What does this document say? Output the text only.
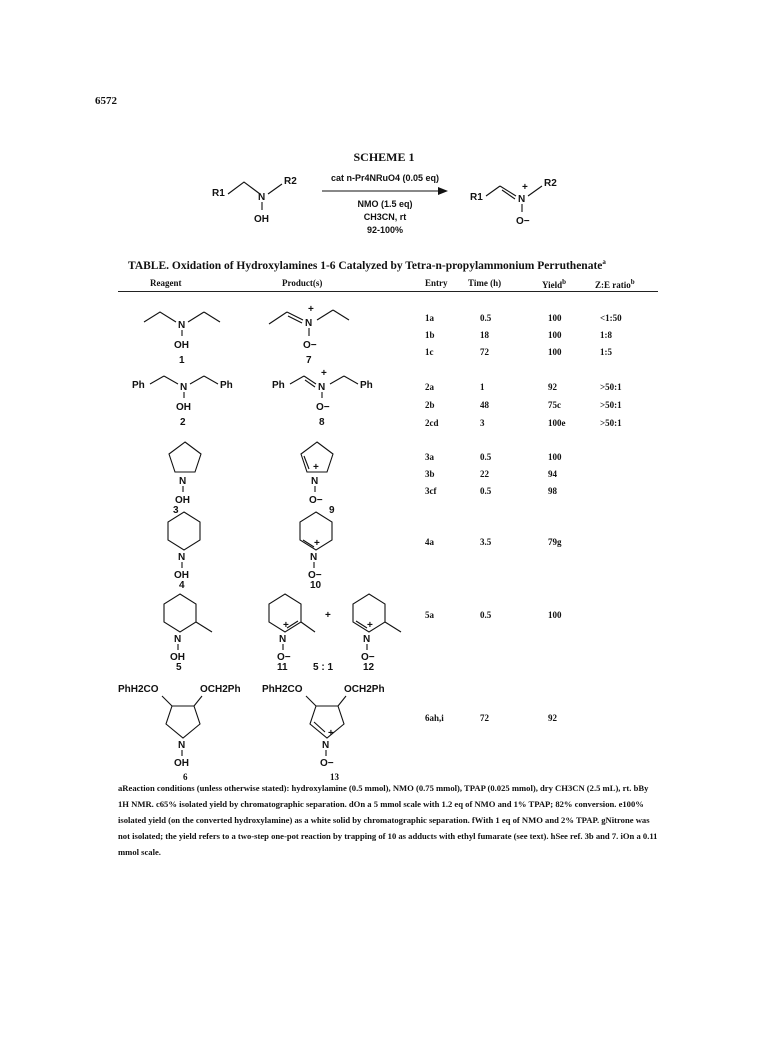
6572
SCHEME 1
R1	N
R2
OH
cat n-Pr4NRuO4 (0.05 eq)
NMO (1.5 eq)
CH3CN, rt
92-100%
R1	N
+ R2
O−
TABLE. Oxidation of Hydroxylamines 1-6 Catalyzed by Tetra-n-propylammonium Perruthenate$^a$
Reagent	Product(s)	Entry Time (h)	Yield$^b$	Z:E ratio$^b$
1a	0.5	100	<1:50
1b	18	100	1:8
1c	72	100	1:5
2a	1	92	>50:1
2b	48	75c	>50:1
2cd	3	100e	>50:1
3a	0.5	100
3b	22	94
3cf	0.5	98
4a	3.5	79g
5a	0.5	100
6ah,i	72	92
N
OH
1
N
+
O−
7
Ph	N	Ph
OH
2
Ph	N
+
Ph
O−
8
N
OH
3
+
N
O−
9
N
OH
4
+
N
O−
10
N
OH
5
+
N
O−
11
+
5 : 1
+
N
O−
12
PhH2CO	OCH2Ph
N
OH
6
PhH2CO	OCH2Ph
+
N
O−
13
aReaction conditions (unless otherwise stated): hydroxylamine (0.5 mmol), NMO (0.75 mmol), TPAP (0.025 mmol), dry CH3CN (2.5 mL), rt. bBy 1H NMR. c65% isolated yield by chromatographic separation. dOn a 5 mmol scale with 1.2 eq of NMO and 1% TPAP; 82% conversion. e100% isolated yield (on the converted hydroxylamine) as a white solid by chromatographic separation. fWith 1 eq of NMO and 2% TPAP. gNitrone was not isolated; the yield refers to a two-step one-pot reaction by trapping of 10 as adducts with ethyl fumarate (see text). hSee ref. 3b and 7. iOn a 0.11 mmol scale.
